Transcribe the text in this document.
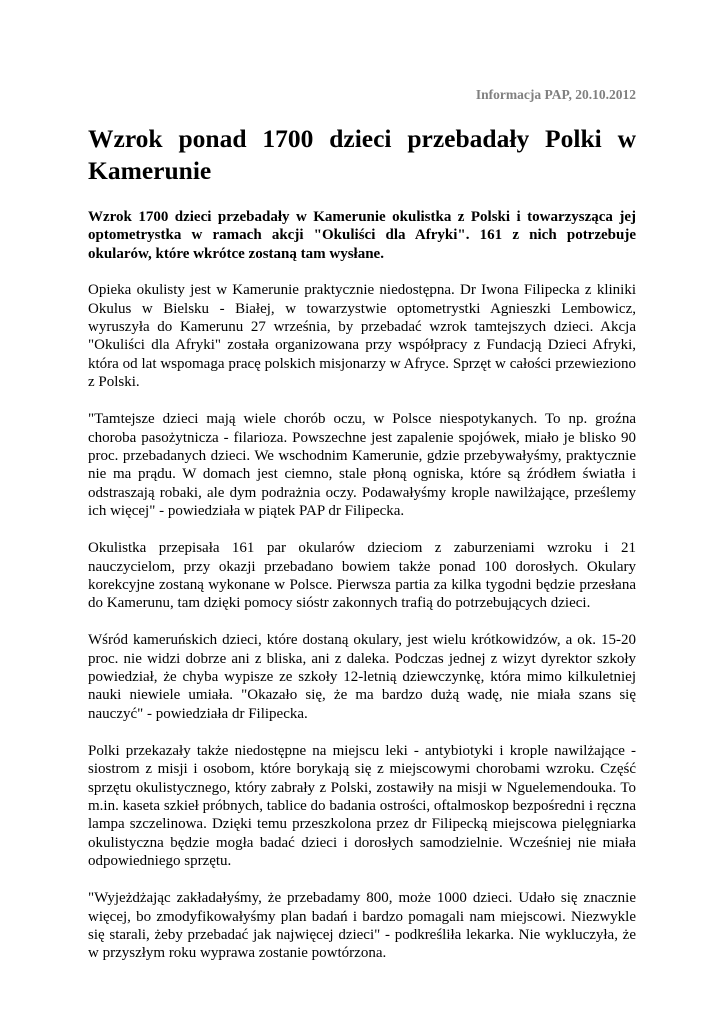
Informacja PAP, 20.10.2012
Wzrok ponad 1700 dzieci przebadały Polki w Kamerunie

Wzrok 1700 dzieci przebadały w Kamerunie okulistka z Polski i towarzysząca jej optometrystka w ramach akcji "Okuliści dla Afryki". 161 z nich potrzebuje okularów, które wkrótce zostaną tam wysłane.

Opieka okulisty jest w Kamerunie praktycznie niedostępna. Dr Iwona Filipecka z kliniki Okulus w Bielsku - Białej, w towarzystwie optometrystki Agnieszki Lembowicz, wyruszyła do Kamerunu 27 września, by przebadać wzrok tamtejszych dzieci. Akcja "Okuliści dla Afryki" została organizowana przy współpracy z Fundacją Dzieci Afryki, która od lat wspomaga pracę polskich misjonarzy w Afryce. Sprzęt w całości przewieziono z Polski.

"Tamtejsze dzieci mają wiele chorób oczu, w Polsce niespotykanych. To np. groźna choroba pasożytnicza - filarioza. Powszechne jest zapalenie spojówek, miało je blisko 90 proc. przebadanych dzieci. We wschodnim Kamerunie, gdzie przebywałyśmy, praktycznie nie ma prądu. W domach jest ciemno, stale płoną ogniska, które są źródłem światła i odstraszają robaki, ale dym podrażnia oczy. Podawałyśmy krople nawilżające, prześlemy ich więcej" - powiedziała w piątek PAP dr Filipecka.

Okulistka przepisała 161 par okularów dzieciom z zaburzeniami wzroku i 21 nauczycielom, przy okazji przebadano bowiem także ponad 100 dorosłych. Okulary korekcyjne zostaną wykonane w Polsce. Pierwsza partia za kilka tygodni będzie przesłana do Kamerunu, tam dzięki pomocy sióstr zakonnych trafią do potrzebujących dzieci.

Wśród kameruńskich dzieci, które dostaną okulary, jest wielu krótkowidzów, a ok. 15-20 proc. nie widzi dobrze ani z bliska, ani z daleka. Podczas jednej z wizyt dyrektor szkoły powiedział, że chyba wypisze ze szkoły 12-letnią dziewczynkę, która mimo kilkuletniej nauki niewiele umiała. "Okazało się, że ma bardzo dużą wadę, nie miała szans się nauczyć" - powiedziała dr Filipecka.

Polki przekazały także niedostępne na miejscu leki - antybiotyki i krople nawilżające - siostrom z misji i osobom, które borykają się z miejscowymi chorobami wzroku. Część sprzętu okulistycznego, który zabrały z Polski, zostawiły na misji w Nguelemendouka. To m.in. kaseta szkieł próbnych, tablice do badania ostrości, oftalmoskop bezpośredni i ręczna lampa szczelinowa. Dzięki temu przeszkolona przez dr Filipecką miejscowa pielęgniarka okulistyczna będzie mogła badać dzieci i dorosłych samodzielnie. Wcześniej nie miała odpowiedniego sprzętu.

"Wyjeżdżając zakładałyśmy, że przebadamy 800, może 1000 dzieci. Udało się znacznie więcej, bo zmodyfikowałyśmy plan badań i bardzo pomagali nam miejscowi. Niezwykle się starali, żeby przebadać jak najwięcej dzieci" - podkreśliła lekarka. Nie wykluczyła, że w przyszłym roku wyprawa zostanie powtórzona.
